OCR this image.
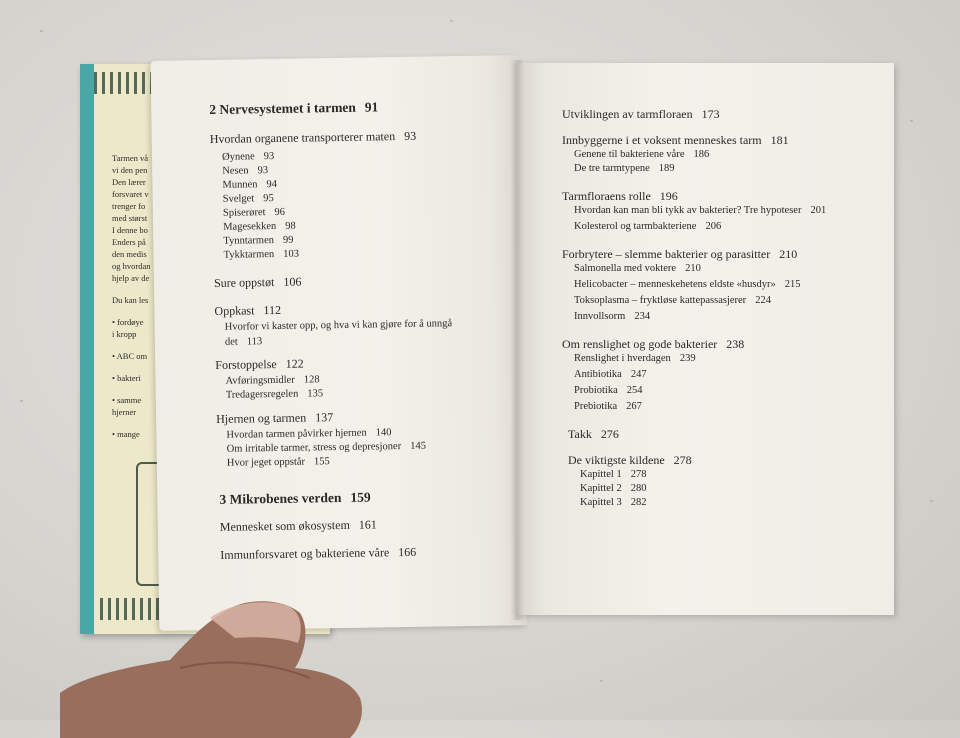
Tarmen vå
vi den pen
Den lærer
forsvaret v
trenger fo
med størst
I denne bo
Enders på
den medis
og hvordan
hjelp av de
Du kan les
• fordøye
i kropp
• ABC om
• bakteri
• samme
hjerner
• mange
2 Nervesystemet i tarmen 91
Hvordan organene transporterer maten 93
Øynene 93
Nesen 93
Munnen 94
Svelget 95
Spiserøret 96
Magesekken 98
Tynntarmen 99
Tykktarmen 103
Sure oppstøt 106
Oppkast 112
Hvorfor vi kaster opp, og hva vi kan gjøre for å unngå
det 113
Forstoppelse 122
Avføringsmidler 128
Tredagersregelen 135
Hjernen og tarmen 137
Hvordan tarmen påvirker hjernen 140
Om irritable tarmer, stress og depresjoner 145
Hvor jeget oppstår 155
3 Mikrobenes verden 159
Mennesket som økosystem 161
Immunforsvaret og bakteriene våre 166
Utviklingen av tarmfloraen 173
Innbyggerne i et voksent menneskes tarm 181
Genene til bakteriene våre 186
De tre tarmtypene 189
Tarmfloraens rolle 196
Hvordan kan man bli tykk av bakterier? Tre hypoteser 201
Kolesterol og tarmbakteriene 206
Forbrytere – slemme bakterier og parasitter 210
Salmonella med voktere 210
Helicobacter – menneskehetens eldste «husdyr» 215
Toksoplasma – fryktløse kattepassasjerer 224
Innvollsorm 234
Om renslighet og gode bakterier 238
Renslighet i hverdagen 239
Antibiotika 247
Probiotika 254
Prebiotika 267
Takk 276
De viktigste kildene 278
Kapittel 1 278
Kapittel 2 280
Kapittel 3 282
